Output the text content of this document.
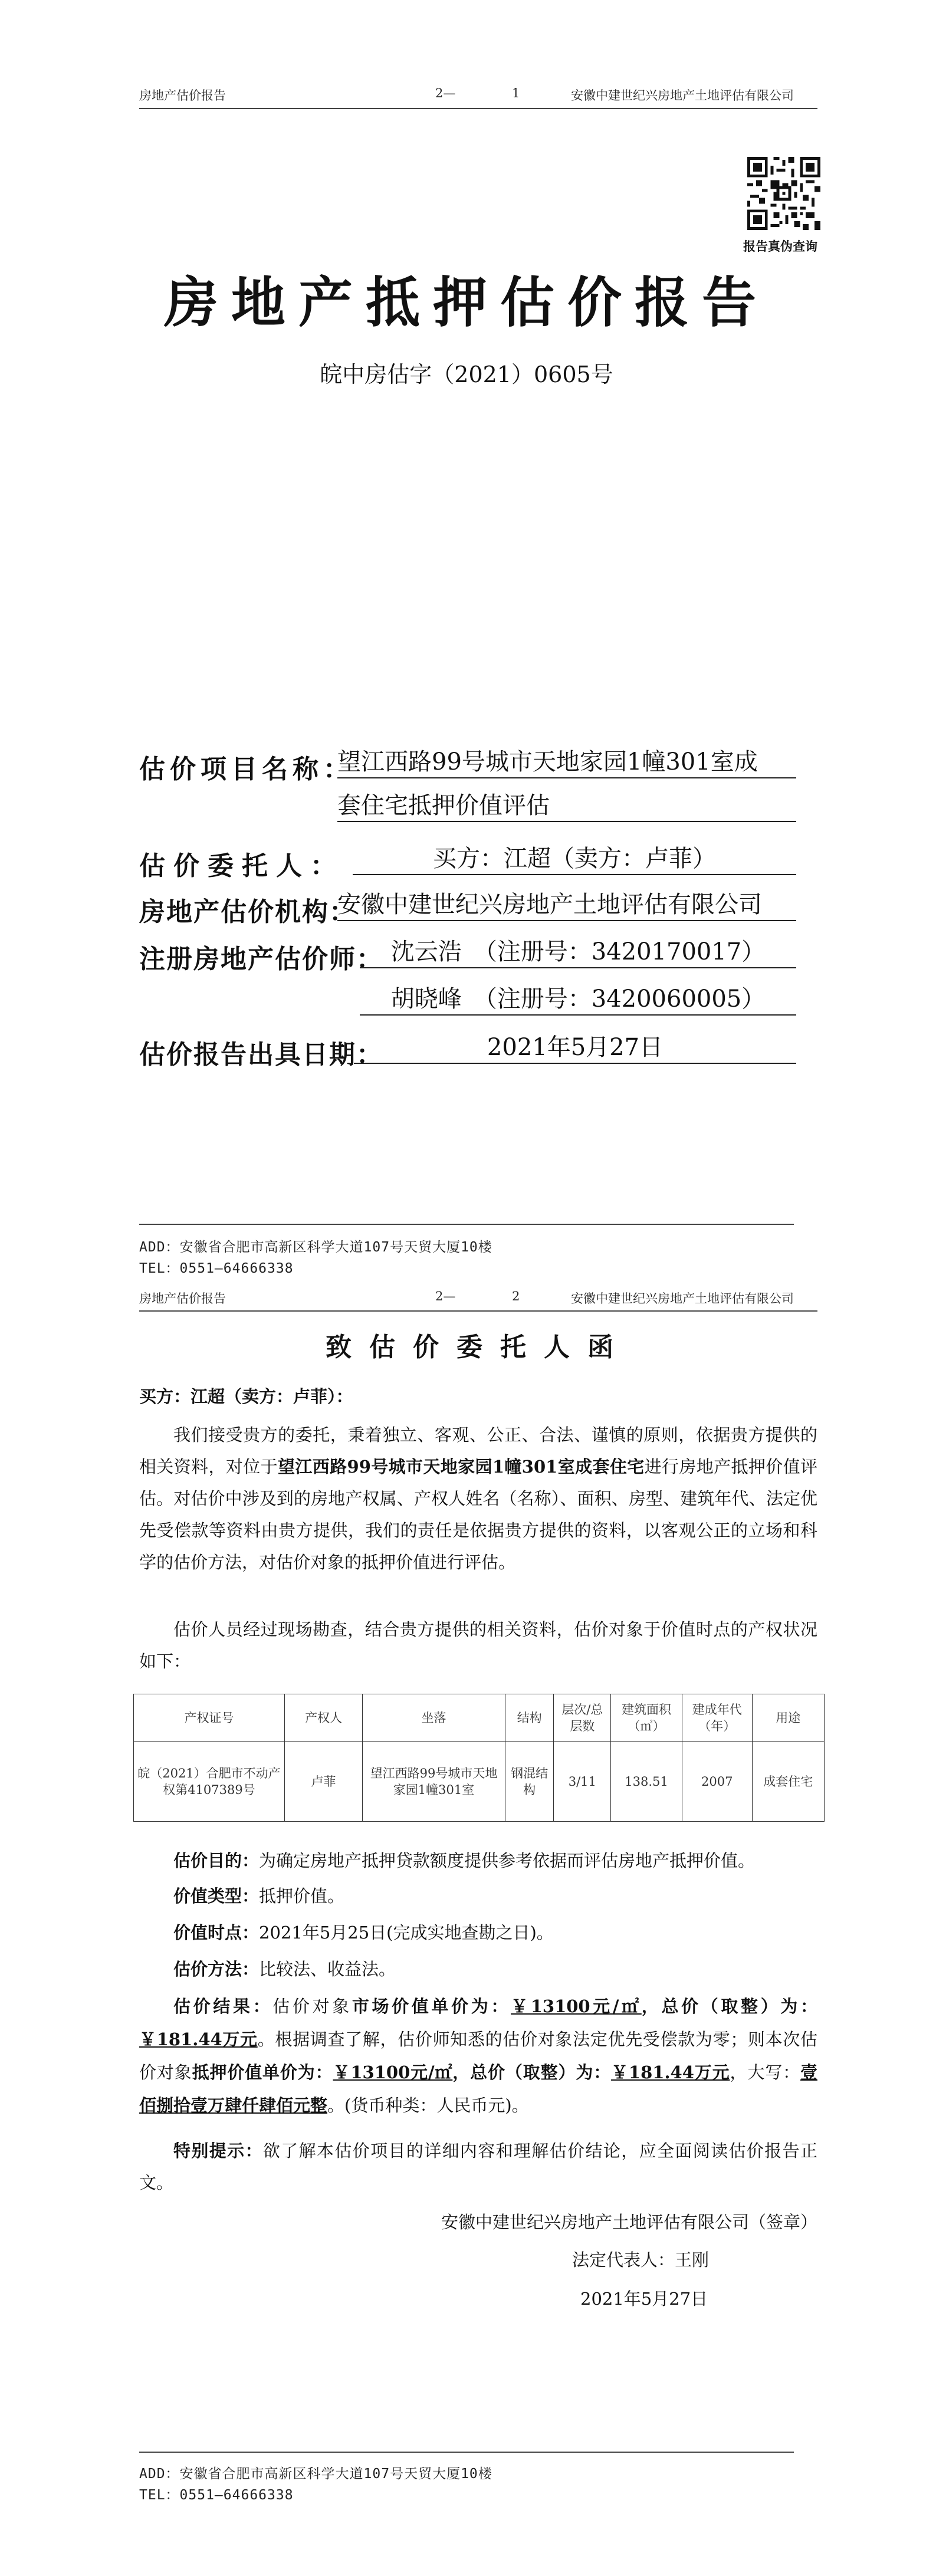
房地产估价报告	2—	1	安徽中建世纪兴房地产土地评估有限公司
报告真伪查询
房地产抵押估价报告
皖中房估字（2021）0605号
估价项目名称：
望江西路99号城市天地家园1幢301室成
套住宅抵押价值评估
估价委托人：	买方：江超（卖方：卢菲）
房地产估价机构：
安徽中建世纪兴房地产土地评估有限公司
注册房地产估价师： 沈云浩　（注册号：3420170017）
胡晓峰　（注册号：3420060005）
估价报告出具日期：	2021年5月27日
ADD：安徽省合肥市高新区科学大道107号天贸大厦10楼
TEL：0551—64666338
房地产估价报告	2—	2	安徽中建世纪兴房地产土地评估有限公司
致估价委托人函
买方：江超（卖方：卢菲）：
我们接受贵方的委托，秉着独立、客观、公正、合法、谨慎的原则，依据贵方提供的相关资料，对位于望江西路99号城市天地家园1幢301室成套住宅进行房地产抵押价值评估。对估价中涉及到的房地产权属、产权人姓名（名称）、面积、房型、建筑年代、法定优先受偿款等资料由贵方提供，我们的责任是依据贵方提供的资料，以客观公正的立场和科学的估价方法，对估价对象的抵押价值进行评估。
估价人员经过现场勘查，结合贵方提供的相关资料，估价对象于价值时点的产权状况如下：
产权证号	产权人	坐落	结构	层次/总层数	建筑面积（㎡）	建成年代（年）	用途
皖（2021）合肥市不动产权第4107389号	卢菲	望江西路99号城市天地家园1幢301室	钢混结构	3/11	138.51	2007	成套住宅
估价目的：为确定房地产抵押贷款额度提供参考依据而评估房地产抵押价值。
价值类型：抵押价值。
价值时点：2021年5月25日(完成实地查勘之日)。
估价方法：比较法、收益法。
估价结果：估价对象市场价值单价为：￥13100元/㎡，总价（取整）为：￥181.44万元。根据调查了解，估价师知悉的估价对象法定优先受偿款为零；则本次估价对象抵押价值单价为：￥13100元/㎡，总价（取整）为：￥181.44万元，大写：壹佰捌拾壹万肆仟肆佰元整。(货币种类：人民币元)。
特别提示：欲了解本估价项目的详细内容和理解估价结论，应全面阅读估价报告正文。
安徽中建世纪兴房地产土地评估有限公司（签章）
法定代表人：王刚
2021年5月27日
ADD：安徽省合肥市高新区科学大道107号天贸大厦10楼
TEL：0551—64666338
